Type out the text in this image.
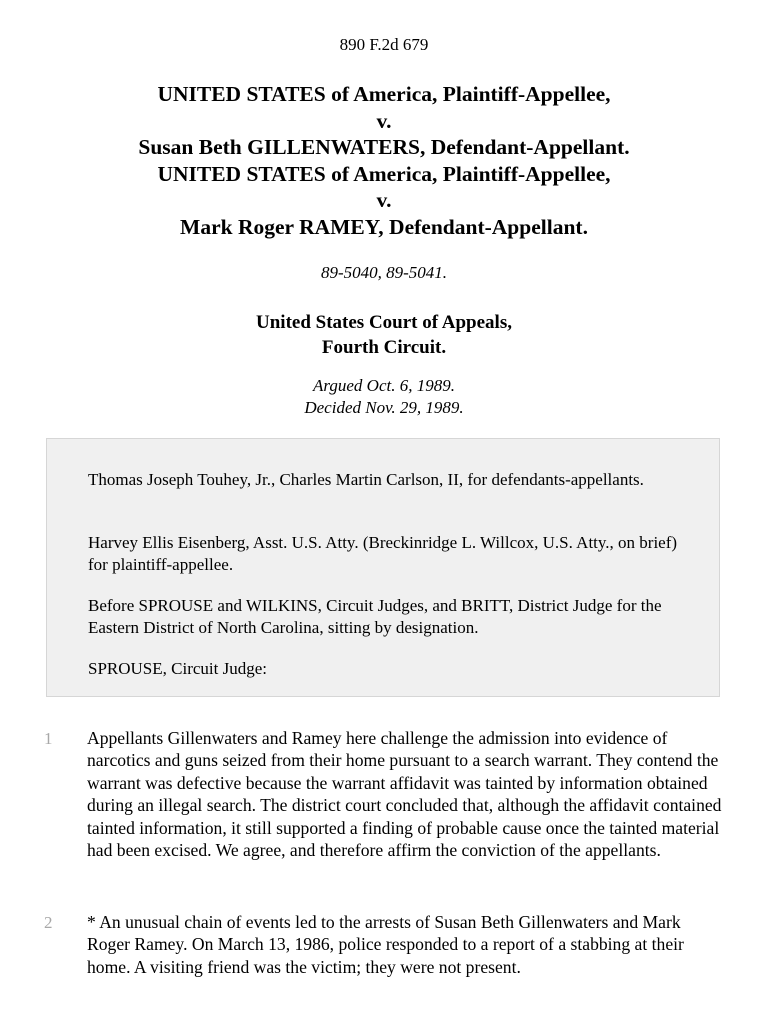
890 F.2d 679
UNITED STATES of America, Plaintiff-Appellee,
v.
Susan Beth GILLENWATERS, Defendant-Appellant.
UNITED STATES of America, Plaintiff-Appellee,
v.
Mark Roger RAMEY, Defendant-Appellant.
89-5040, 89-5041.
United States Court of Appeals,
Fourth Circuit.
Argued Oct. 6, 1989.
Decided Nov. 29, 1989.

Thomas Joseph Touhey, Jr., Charles Martin Carlson, II, for defendants-appellants.

Harvey Ellis Eisenberg, Asst. U.S. Atty. (Breckinridge L. Willcox, U.S. Atty., on brief) for plaintiff-appellee.

Before SPROUSE and WILKINS, Circuit Judges, and BRITT, District Judge for the Eastern District of North Carolina, sitting by designation.

SPROUSE, Circuit Judge:

1 Appellants Gillenwaters and Ramey here challenge the admission into evidence of narcotics and guns seized from their home pursuant to a search warrant. They contend the warrant was defective because the warrant affidavit was tainted by information obtained during an illegal search. The district court concluded that, although the affidavit contained tainted information, it still supported a finding of probable cause once the tainted material had been excised. We agree, and therefore affirm the conviction of the appellants.
2 * An unusual chain of events led to the arrests of Susan Beth Gillenwaters and Mark Roger Ramey. On March 13, 1986, police responded to a report of a stabbing at their home. A visiting friend was the victim; they were not present.
